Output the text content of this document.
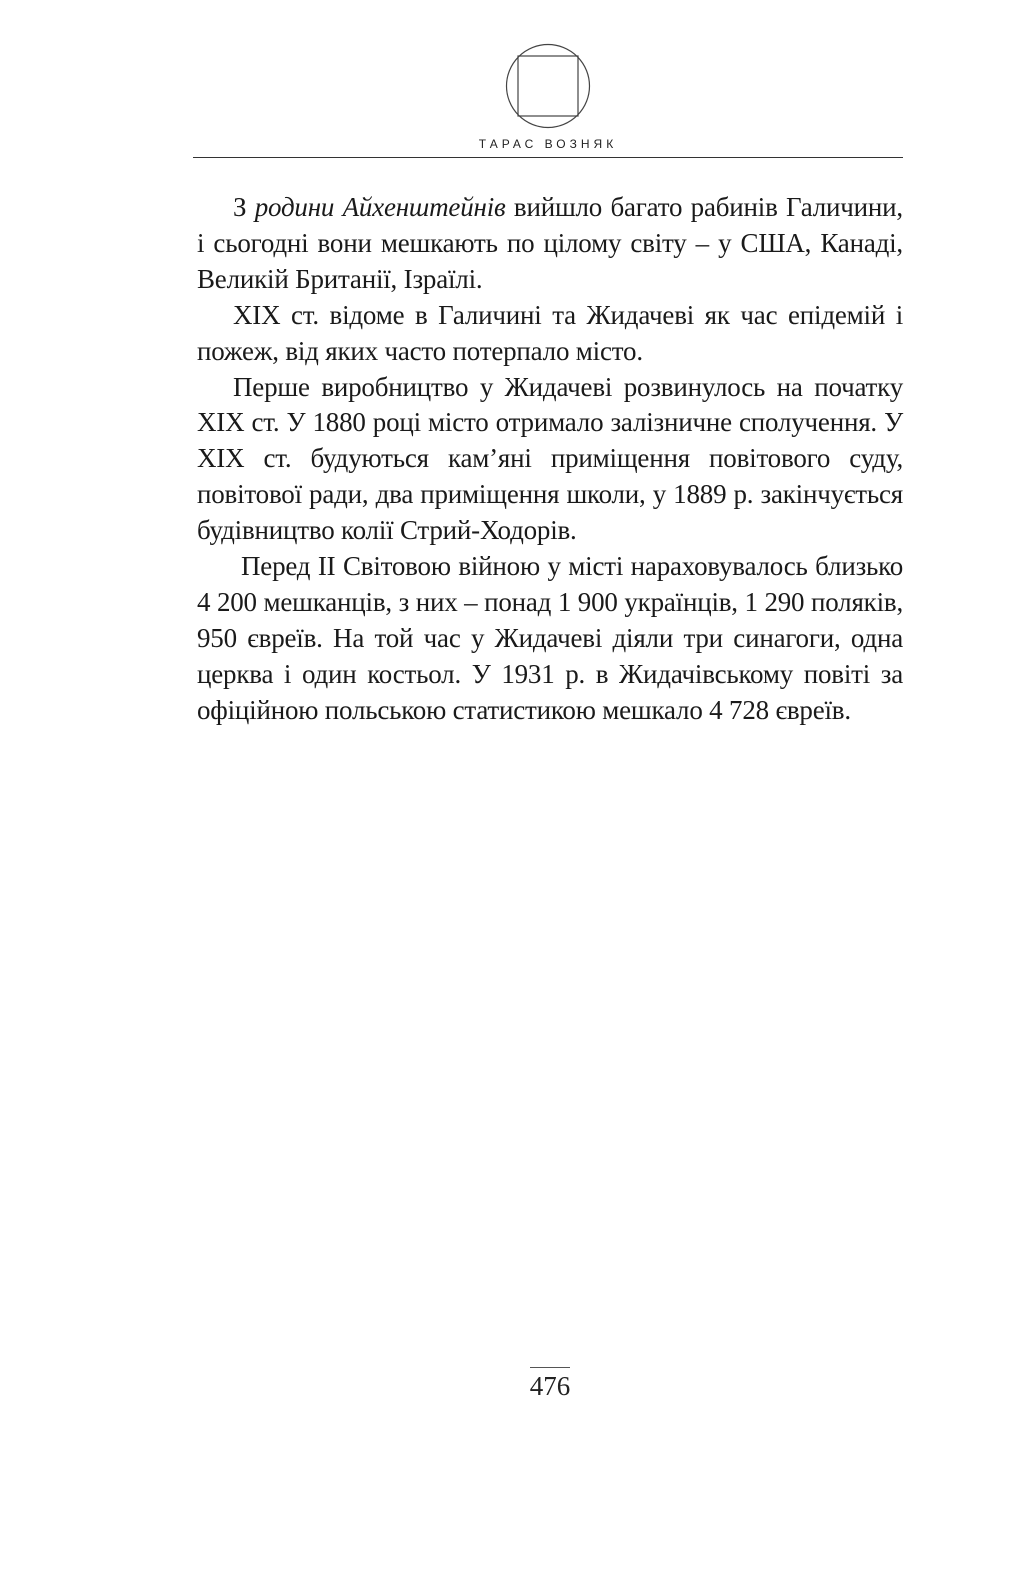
ТАРАС ВОЗНЯК

З родини Айхенштейнів вийшло багато рабинів Галичини, і сьогодні вони мешкають по цілому світу – у США, Канаді, Великій Британії, Ізраїлі.

XIX ст. відоме в Галичині та Жидачеві як час епідемій і пожеж, від яких часто потерпало місто.

Перше виробництво у Жидачеві розвинулось на початку XIX ст. У 1880 році місто отримало залізничне сполучення. У XIX ст. будуються кам’яні приміщення повітового суду, повітової ради, два приміщення школи, у 1889 р. закінчується будівництво колії Стрий-Ходорів.

Перед II Світовою війною у місті нараховувалось близько 4 200 мешканців, з них – понад 1 900 українців, 1 290 поляків, 950 євреїв. На той час у Жидачеві діяли три синагоги, одна церква і один костьол. У 1931 р. в Жидачівському повіті за офіційною польською статистикою мешкало 4 728 євреїв.

476
